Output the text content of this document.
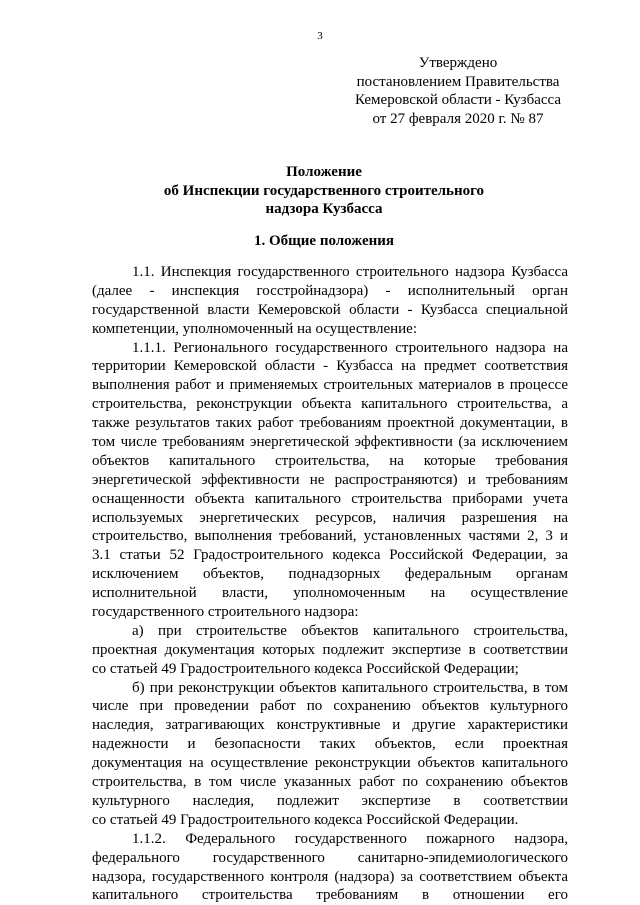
3
Утверждено
постановлением Правительства
Кемеровской области - Кузбасса
от 27 февраля 2020 г. № 87
Положение
об Инспекции государственного строительного
надзора Кузбасса
1. Общие положения
1.1. Инспекция государственного строительного надзора Кузбасса
(далее - инспекция госстройнадзора) - исполнительный орган
государственной власти Кемеровской области - Кузбасса специальной
компетенции, уполномоченный на осуществление:
1.1.1. Регионального государственного строительного надзора на
территории Кемеровской области - Кузбасса на предмет соответствия
выполнения работ и применяемых строительных материалов в процессе
строительства, реконструкции объекта капитального строительства, а
также результатов таких работ требованиям проектной документации, в
том числе требованиям энергетической эффективности (за исключением
объектов капитального строительства, на которые требования
энергетической эффективности не распространяются) и требованиям
оснащенности объекта капитального строительства приборами учета
используемых энергетических ресурсов, наличия разрешения на
строительство, выполнения требований, установленных частями 2, 3 и
3.1 статьи 52 Градостроительного кодекса Российской Федерации, за
исключением объектов, поднадзорных федеральным органам
исполнительной власти, уполномоченным на осуществление
государственного строительного надзора:
а) при строительстве объектов капитального строительства,
проектная документация которых подлежит экспертизе в соответствии
со статьей 49 Градостроительного кодекса Российской Федерации;
б) при реконструкции объектов капитального строительства, в том
числе при проведении работ по сохранению объектов культурного
наследия, затрагивающих конструктивные и другие характеристики
надежности и безопасности таких объектов, если проектная
документация на осуществление реконструкции объектов капитального
строительства, в том числе указанных работ по сохранению объектов
культурного наследия, подлежит экспертизе в соответствии
со статьей 49 Градостроительного кодекса Российской Федерации.
1.1.2. Федерального государственного пожарного надзора,
федерального государственного санитарно-эпидемиологического
надзора, государственного контроля (надзора) за соответствием объекта
капитального строительства требованиям в отношении его
